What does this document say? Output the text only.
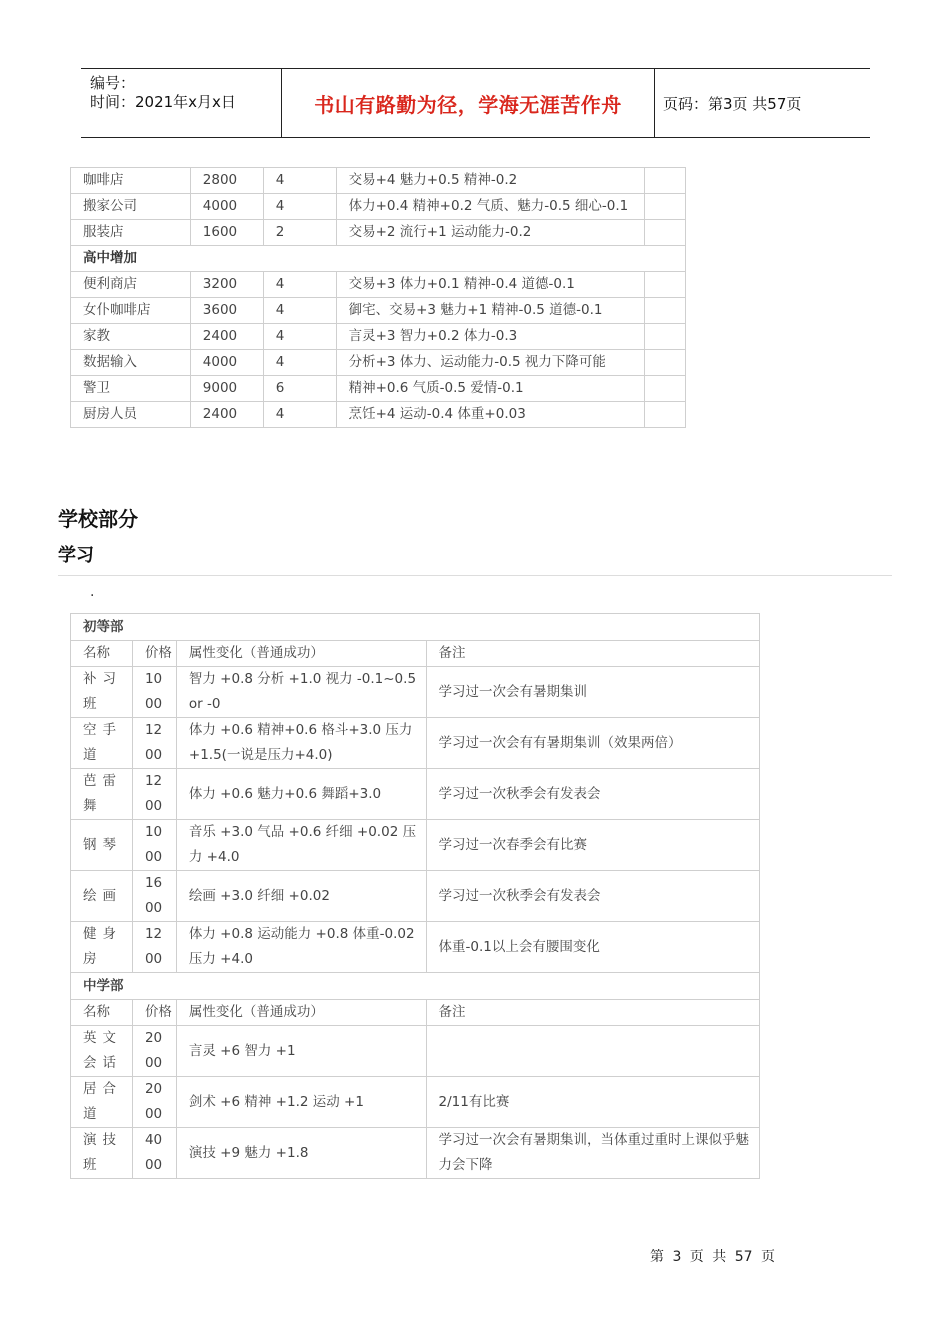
编号：
时间：2021年x月x日	书山有路勤为径，学海无涯苦作舟	页码：第3页 共57页
咖啡店	2800	4	交易+4 魅力+0.5 精神-0.2	
搬家公司	4000	4	体力+0.4 精神+0.2 气质、魅力-0.5 细心-0.1	
服装店	1600	2	交易+2 流行+1 运动能力-0.2	
高中增加				
便利商店	3200	4	交易+3 体力+0.1 精神-0.4 道德-0.1	
女仆咖啡店	3600	4	御宅、交易+3 魅力+1 精神-0.5 道德-0.1	
家教	2400	4	言灵+3 智力+0.2 体力-0.3	
数据输入	4000	4	分析+3 体力、运动能力-0.5 视力下降可能	
警卫	9000	6	精神+0.6 气质-0.5 爱情-0.1	
厨房人员	2400	4	烹饪+4 运动-0.4 体重+0.03	
学校部分
学习
.
初等部			
名称	价格	属性变化（普通成功）	备注
补习班	1000	智力 +0.8 分析 +1.0 视力 -0.1~0.5 or -0	学习过一次会有暑期集训
空手道	1200	体力 +0.6 精神+0.6 格斗+3.0 压力+1.5(一说是压力+4.0)	学习过一次会有有暑期集训（效果两倍）
芭雷舞	1200	体力 +0.6 魅力+0.6 舞蹈+3.0	学习过一次秋季会有发表会
钢琴	1000	音乐 +3.0 气品 +0.6 纤细 +0.02 压力 +4.0	学习过一次春季会有比赛
绘画	1600	绘画 +3.0 纤细 +0.02	学习过一次秋季会有发表会
健身房	1200	体力 +0.8 运动能力 +0.8 体重-0.02 压力 +4.0	体重-0.1以上会有腰围变化
中学部			
名称	价格	属性变化（普通成功）	备注
英文会话	2000	言灵 +6 智力 +1	
居合道	2000	剑术 +6 精神 +1.2 运动 +1	2/11有比赛
演技班	4000	演技 +9 魅力 +1.8	学习过一次会有暑期集训，当体重过重时上课似乎魅力会下降
第 3 页 共 57 页
